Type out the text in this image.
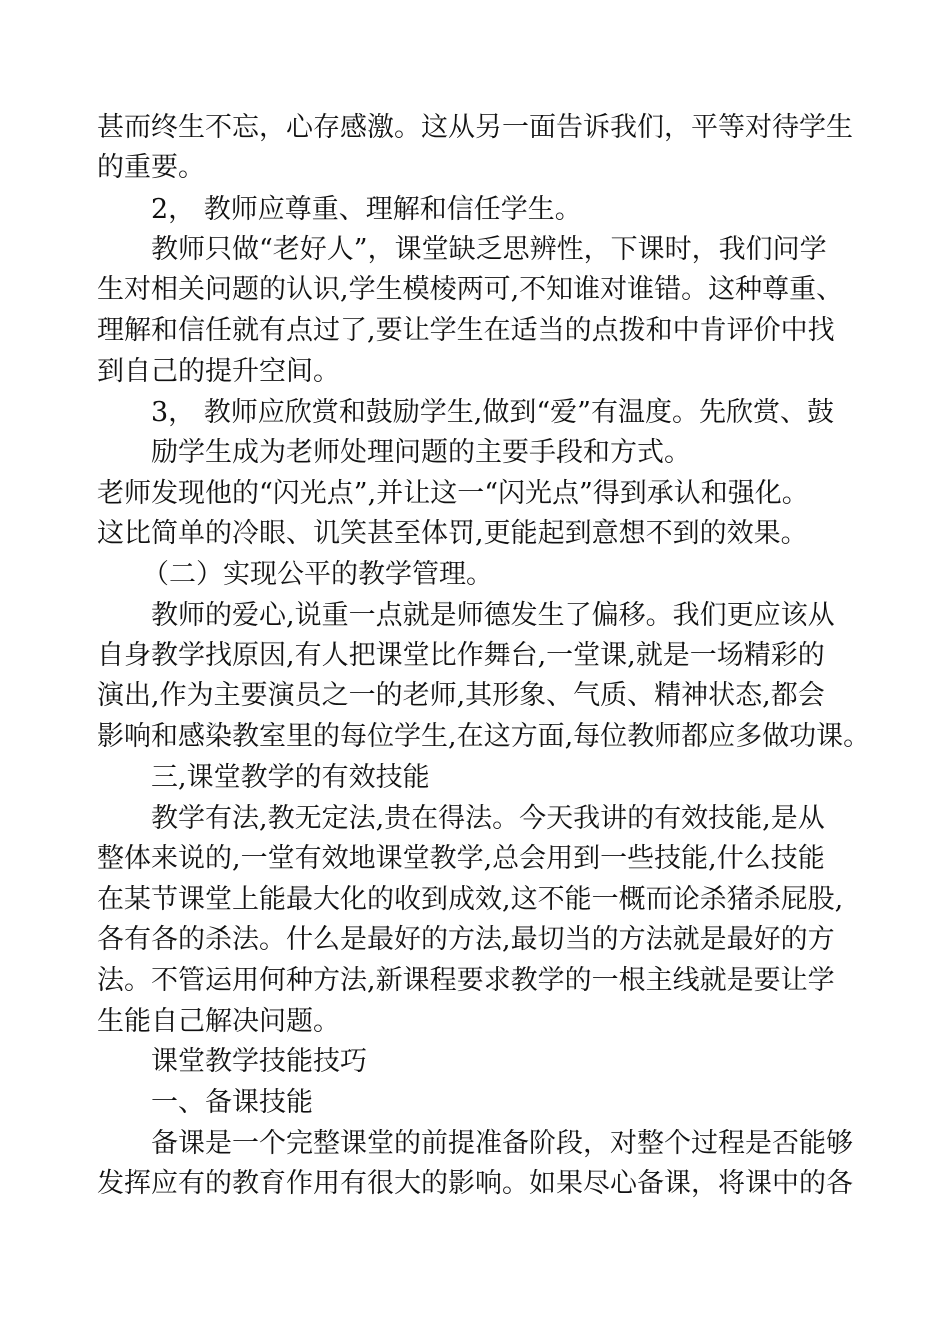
甚而终生不忘，心存感激。这从另一面告诉我们，平等对待学生
的重要。
2， 教师应尊重、理解和信任学生。
教师只做“老好人”，课堂缺乏思辨性，下课时，我们问学
生对相关问题的认识,学生模棱两可,不知谁对谁错。这种尊重、
理解和信任就有点过了,要让学生在适当的点拨和中肯评价中找
到自己的提升空间。
3， 教师应欣赏和鼓励学生,做到“爱”有温度。先欣赏、鼓
励学生成为老师处理问题的主要手段和方式。
老师发现他的“闪光点”,并让这一“闪光点”得到承认和强化。
这比简单的冷眼、讥笑甚至体罚,更能起到意想不到的效果。
（二）实现公平的教学管理。
教师的爱心,说重一点就是师德发生了偏移。我们更应该从
自身教学找原因,有人把课堂比作舞台,一堂课,就是一场精彩的
演出,作为主要演员之一的老师,其形象、气质、精神状态,都会
影响和感染教室里的每位学生,在这方面,每位教师都应多做功课。
三,课堂教学的有效技能
教学有法,教无定法,贵在得法。今天我讲的有效技能,是从
整体来说的,一堂有效地课堂教学,总会用到一些技能,什么技能
在某节课堂上能最大化的收到成效,这不能一概而论杀猪杀屁股,
各有各的杀法。什么是最好的方法,最切当的方法就是最好的方
法。不管运用何种方法,新课程要求教学的一根主线就是要让学
生能自己解决问题。
课堂教学技能技巧
一、备课技能
备课是一个完整课堂的前提准备阶段，对整个过程是否能够
发挥应有的教育作用有很大的影响。如果尽心备课，将课中的各
